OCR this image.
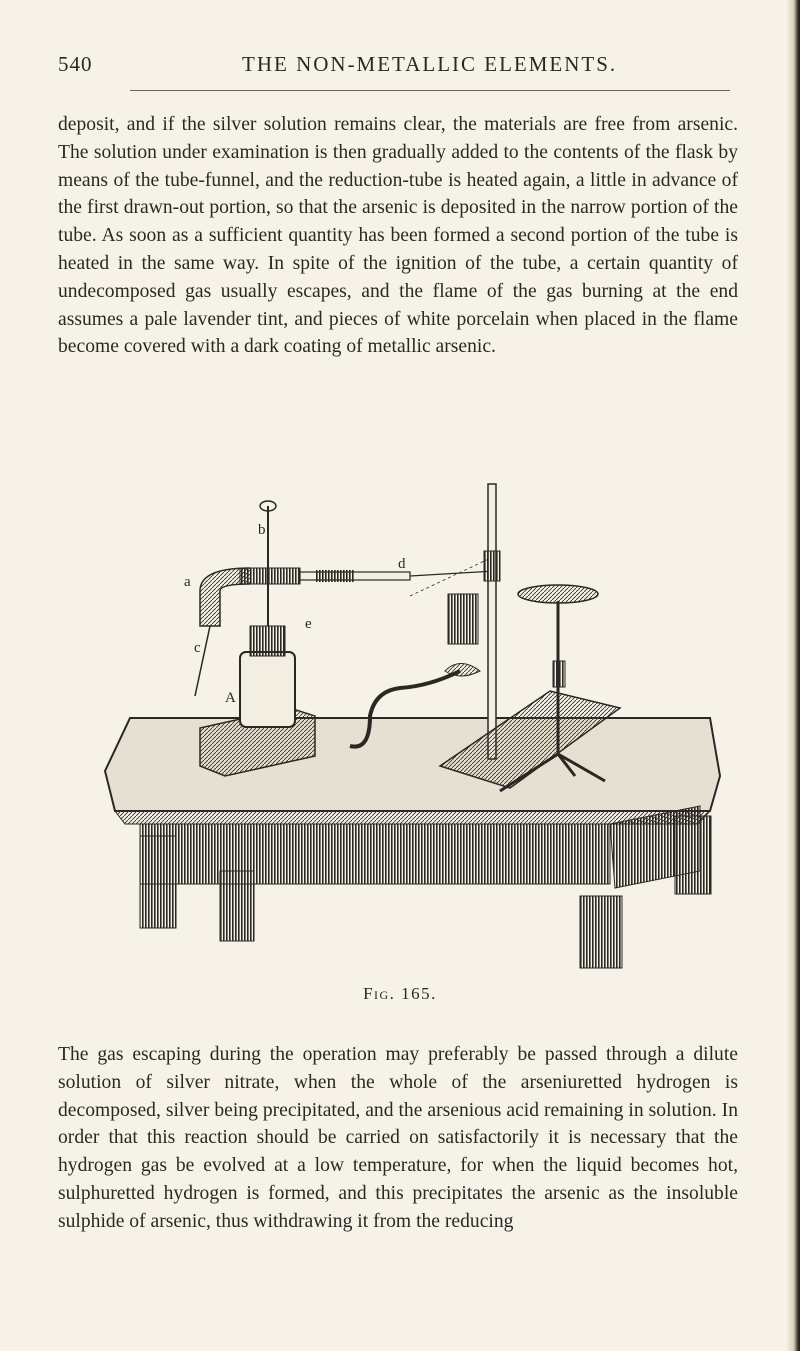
540	THE NON-METALLIC ELEMENTS.

deposit, and if the silver solution remains clear, the materials are free from arsenic. The solution under examination is then gradually added to the contents of the flask by means of the tube-funnel, and the reduction-tube is heated again, a little in advance of the first drawn-out portion, so that the arsenic is deposited in the narrow portion of the tube. As soon as a sufficient quantity has been formed a second portion of the tube is heated in the same way. In spite of the ignition of the tube, a certain quantity of undecomposed gas usually escapes, and the flame of the gas burning at the end assumes a pale lavender tint, and pieces of white porcelain when placed in the flame become covered with a dark coating of metallic arsenic.

a
b
c
d
e
A
Fig. 165.

The gas escaping during the operation may preferably be passed through a dilute solution of silver nitrate, when the whole of the arseniuretted hydrogen is decomposed, silver being precipitated, and the arsenious acid remaining in solution. In order that this reaction should be carried on satisfactorily it is necessary that the hydrogen gas be evolved at a low temperature, for when the liquid becomes hot, sulphuretted hydrogen is formed, and this precipitates the arsenic as the insoluble sulphide of arsenic, thus withdrawing it from the reducing
